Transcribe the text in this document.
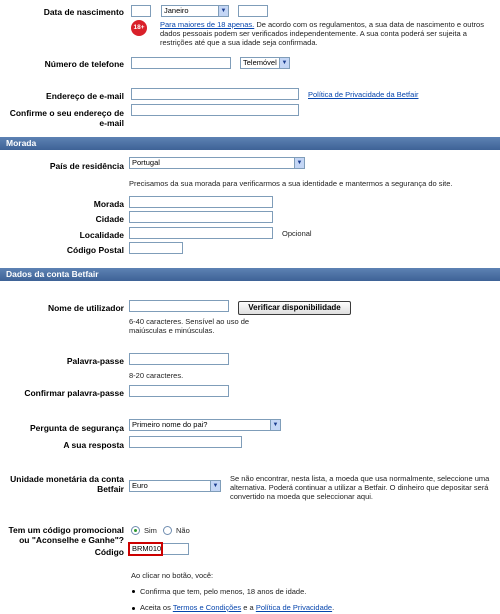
Data de nascimento	Janeiro	▼
18+	Para maiores de 18 apenas. De acordo com os regulamentos, a sua data de nascimento e outros dados pessoais podem ser verificados independentemente. A sua conta poderá ser sujeita a restrições até que a sua idade seja confirmada.
Número de telefone	Telemóvel ▼
Endereço de e-mail	Política de Privacidade da Betfair
Confirme o seu endereço de e-mail
Morada
País de residência	Portugal	▼
Precisamos da sua morada para verificarmos a sua identidade e mantermos a segurança do site.
Morada
Cidade
Localidade	Opcional
Código Postal
Dados da conta Betfair
Nome de utilizador	Verificar disponibilidade
6-40 caracteres. Sensível ao uso de maiúsculas e minúsculas.
Palavra-passe
8-20 caracteres.
Confirmar palavra-passe
Pergunta de segurança	Primeiro nome do pai?	▼
A sua resposta
Unidade monetária da conta Betfair	Euro	▼
Se não encontrar, nesta lista, a moeda que usa normalmente, seleccione uma alternativa. Poderá continuar a utilizar a Betfair. O dinheiro que depositar será convertido na moeda que seleccionar aqui.
Tem um código promocional ou "Aconselhe e Ganhe"?
Sim	Não
Código	BRM010
Ao clicar no botão, você:
Confirma que tem, pelo menos, 18 anos de idade.
Aceita os Termos e Condições e a Política de Privacidade.
